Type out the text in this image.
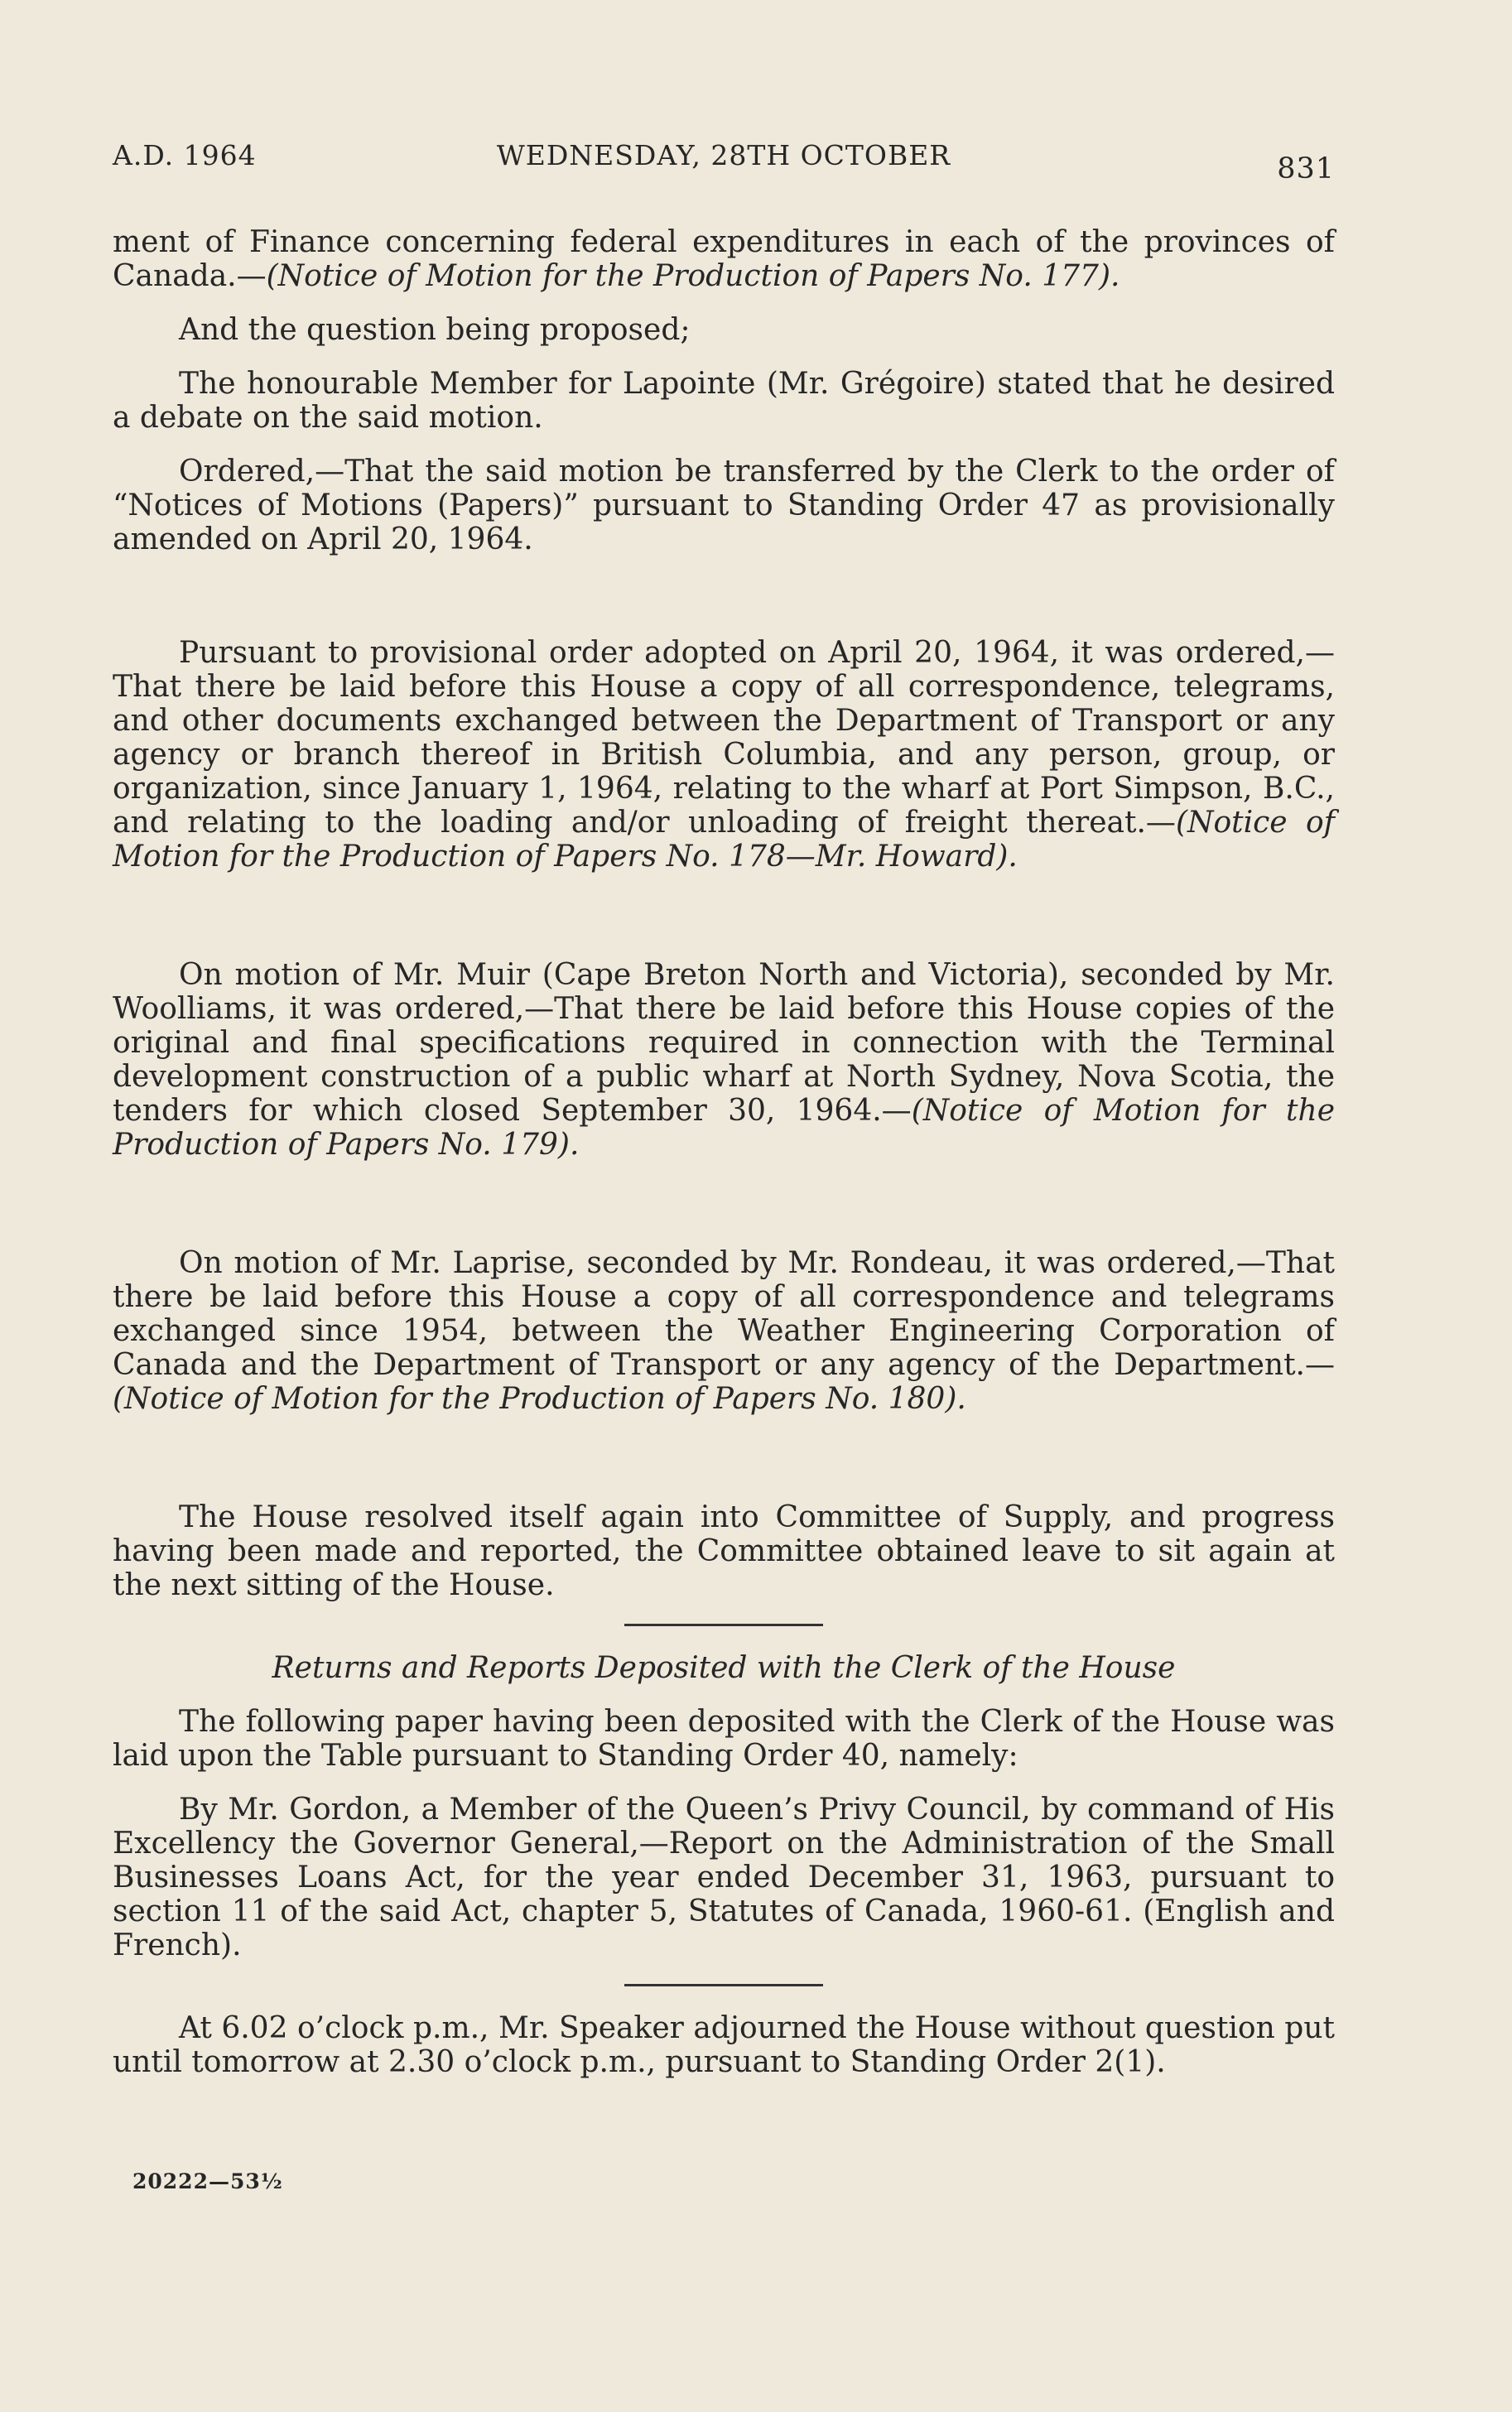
A.D. 1964	WEDNESDAY, 28TH OCTOBER	831

ment of Finance concerning federal expenditures in each of the provinces of Canada.—(Notice of Motion for the Production of Papers No. 177).

And the question being proposed;

The honourable Member for Lapointe (Mr. Grégoire) stated that he desired a debate on the said motion.

Ordered,—That the said motion be transferred by the Clerk to the order of “Notices of Motions (Papers)” pursuant to Standing Order 47 as provisionally amended on April 20, 1964.

Pursuant to provisional order adopted on April 20, 1964, it was ordered,—That there be laid before this House a copy of all correspondence, telegrams, and other documents exchanged between the Department of Transport or any agency or branch thereof in British Columbia, and any person, group, or organization, since January 1, 1964, relating to the wharf at Port Simpson, B.C., and relating to the loading and/or unloading of freight thereat.—(Notice of Motion for the Production of Papers No. 178—Mr. Howard).

On motion of Mr. Muir (Cape Breton North and Victoria), seconded by Mr. Woolliams, it was ordered,—That there be laid before this House copies of the original and final specifications required in connection with the Terminal development construction of a public wharf at North Sydney, Nova Scotia, the tenders for which closed September 30, 1964.—(Notice of Motion for the Production of Papers No. 179).

On motion of Mr. Laprise, seconded by Mr. Rondeau, it was ordered,—That there be laid before this House a copy of all correspondence and telegrams exchanged since 1954, between the Weather Engineering Corporation of Canada and the Department of Transport or any agency of the Department.—(Notice of Motion for the Production of Papers No. 180).

The House resolved itself again into Committee of Supply, and progress having been made and reported, the Committee obtained leave to sit again at the next sitting of the House.

Returns and Reports Deposited with the Clerk of the House

The following paper having been deposited with the Clerk of the House was laid upon the Table pursuant to Standing Order 40, namely:

By Mr. Gordon, a Member of the Queen’s Privy Council, by command of His Excellency the Governor General,—Report on the Administration of the Small Businesses Loans Act, for the year ended December 31, 1963, pursuant to section 11 of the said Act, chapter 5, Statutes of Canada, 1960-61. (English and French).

At 6.02 o’clock p.m., Mr. Speaker adjourned the House without question put until tomorrow at 2.30 o’clock p.m., pursuant to Standing Order 2(1).

20222—53½
